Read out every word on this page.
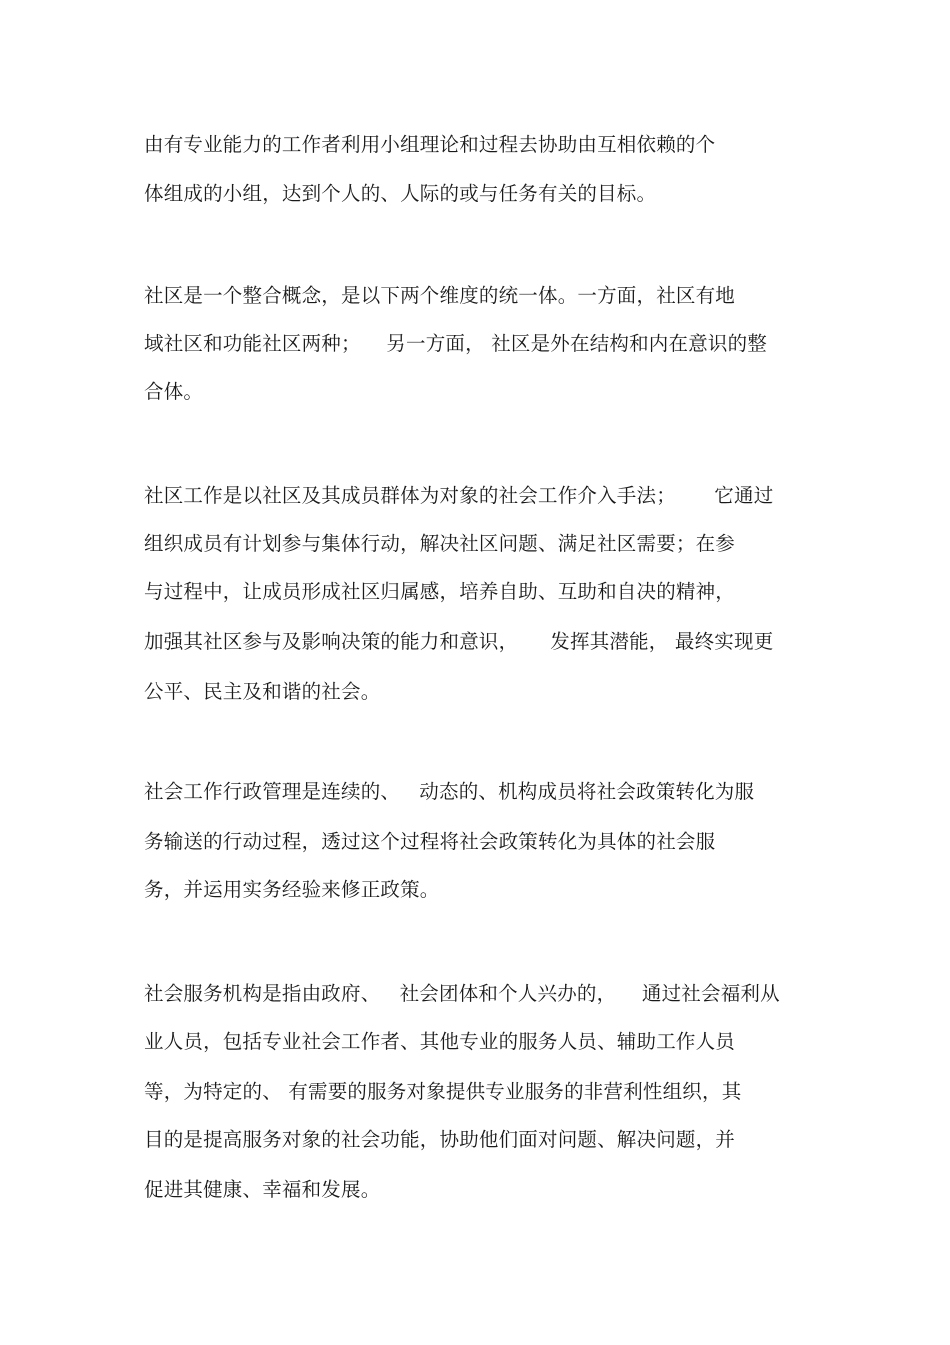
由有专业能力的工作者利用小组理论和过程去协助由互相依赖的个

体组成的小组，达到个人的、人际的或与任务有关的目标。

社区是一个整合概念，是以下两个维度的统一体。一方面，社区有地

域社区和功能社区两种；    另一方面， 社区是外在结构和内在意识的整

合体。

社区工作是以社区及其成员群体为对象的社会工作介入手法；      它通过

组织成员有计划参与集体行动，解决社区问题、满足社区需要；在参

与过程中，让成员形成社区归属感，培养自助、互助和自决的精神，

加强其社区参与及影响决策的能力和意识，     发挥其潜能， 最终实现更

公平、民主及和谐的社会。

社会工作行政管理是连续的、   动态的、机构成员将社会政策转化为服

务输送的行动过程，透过这个过程将社会政策转化为具体的社会服

务，并运用实务经验来修正政策。

社会服务机构是指由政府、   社会团体和个人兴办的，    通过社会福利从

业人员，包括专业社会工作者、其他专业的服务人员、辅助工作人员

等，为特定的、 有需要的服务对象提供专业服务的非营利性组织，其

目的是提高服务对象的社会功能，协助他们面对问题、解决问题，并

促进其健康、幸福和发展。
